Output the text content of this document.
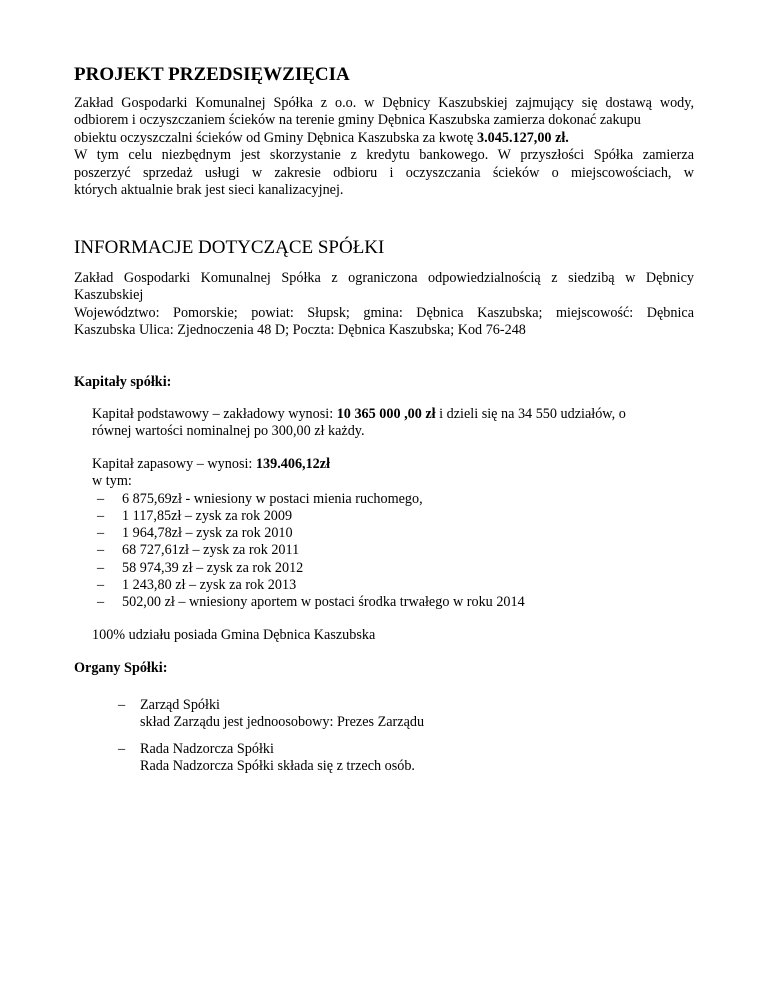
PROJEKT PRZEDSIĘWZIĘCIA
Zakład Gospodarki Komunalnej Spółka z o.o. w Dębnicy Kaszubskiej zajmujący się dostawą wody,
odbiorem i oczyszczaniem ścieków na terenie gminy Dębnica Kaszubska zamierza dokonać zakupu
obiektu oczyszczalni ścieków od Gminy Dębnica Kaszubska za kwotę 3.045.127,00 zł.
W tym celu niezbędnym jest skorzystanie z kredytu bankowego. W przyszłości Spółka zamierza
poszerzyć sprzedaż usługi w zakresie odbioru i oczyszczania ścieków o miejscowościach, w
których aktualnie brak jest sieci kanalizacyjnej.
INFORMACJE DOTYCZĄCE SPÓŁKI
Zakład Gospodarki Komunalnej Spółka z ograniczona odpowiedzialnością z siedzibą w Dębnicy
Kaszubskiej
Województwo: Pomorskie; powiat: Słupsk; gmina: Dębnica Kaszubska; miejscowość: Dębnica
Kaszubska Ulica: Zjednoczenia 48 D; Poczta: Dębnica Kaszubska; Kod 76-248

Kapitały spółki:

Kapitał podstawowy – zakładowy wynosi: 10 365 000 ,00 zł i dzieli się na 34 550 udziałów, o
równej wartości nominalnej po 300,00 zł każdy.
Kapitał zapasowy – wynosi: 139.406,12zł
w tym:
– 6 875,69zł - wniesiony w postaci mienia ruchomego,
– 1 117,85zł – zysk za rok 2009
– 1 964,78zł – zysk za rok 2010
– 68 727,61zł – zysk za rok 2011
– 58 974,39 zł – zysk za rok 2012
– 1 243,80 zł – zysk za rok 2013
– 502,00 zł – wniesiony aportem w postaci środka trwałego w roku 2014

100% udziału posiada Gmina Dębnica Kaszubska

Organy Spółki:

– Zarząd Spółki
skład Zarządu jest jednoosobowy: Prezes Zarządu
– Rada Nadzorcza Spółki
Rada Nadzorcza Spółki składa się z trzech osób.
